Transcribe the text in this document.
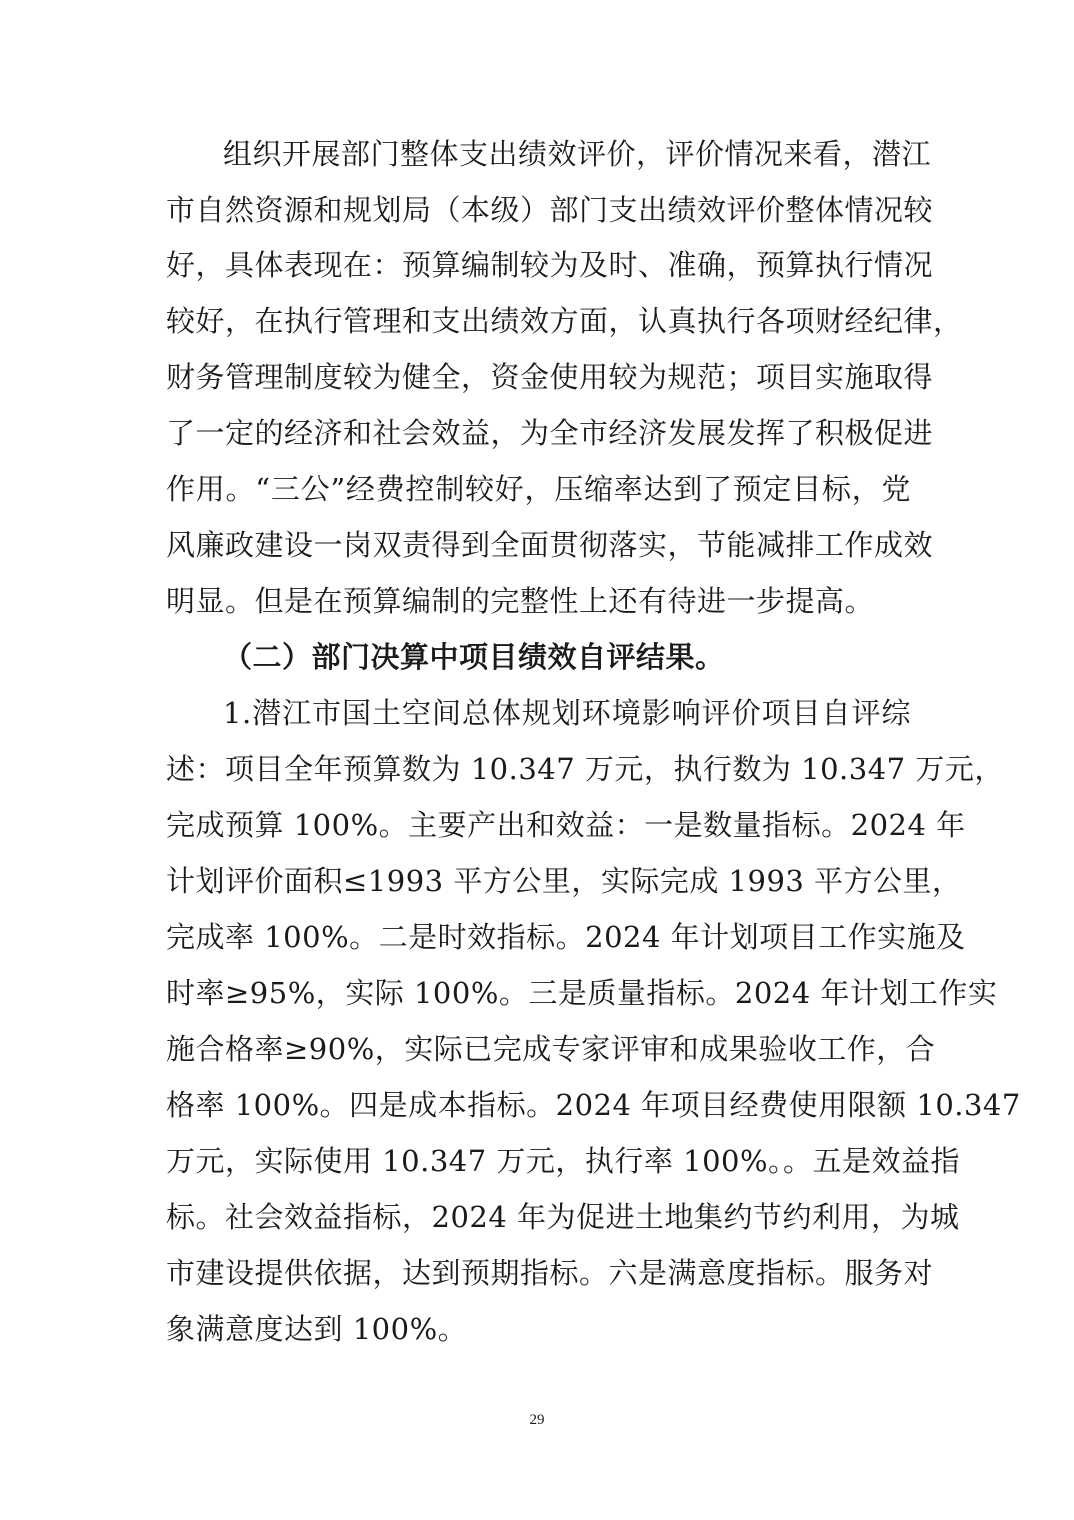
组织开展部门整体支出绩效评价，评价情况来看，潜江
市自然资源和规划局（本级）部门支出绩效评价整体情况较
好，具体表现在：预算编制较为及时、准确，预算执行情况
较好，在执行管理和支出绩效方面，认真执行各项财经纪律，
财务管理制度较为健全，资金使用较为规范；项目实施取得
了一定的经济和社会效益，为全市经济发展发挥了积极促进
作用。“三公”经费控制较好，压缩率达到了预定目标，党
风廉政建设一岗双责得到全面贯彻落实，节能减排工作成效
明显。但是在预算编制的完整性上还有待进一步提高。
（二）部门决算中项目绩效自评结果。
1.潜江市国土空间总体规划环境影响评价项目自评综
述：项目全年预算数为 10.347 万元，执行数为 10.347 万元，
完成预算 100%。主要产出和效益：一是数量指标。2024 年
计划评价面积≤1993 平方公里，实际完成 1993 平方公里，
完成率 100%。二是时效指标。2024 年计划项目工作实施及
时率≥95%，实际 100%。三是质量指标。2024 年计划工作实
施合格率≥90%，实际已完成专家评审和成果验收工作，合
格率 100%。四是成本指标。2024 年项目经费使用限额 10.347
万元，实际使用 10.347 万元，执行率 100%。。五是效益指
标。社会效益指标，2024 年为促进土地集约节约利用，为城
市建设提供依据，达到预期指标。六是满意度指标。服务对
象满意度达到 100%。
29
